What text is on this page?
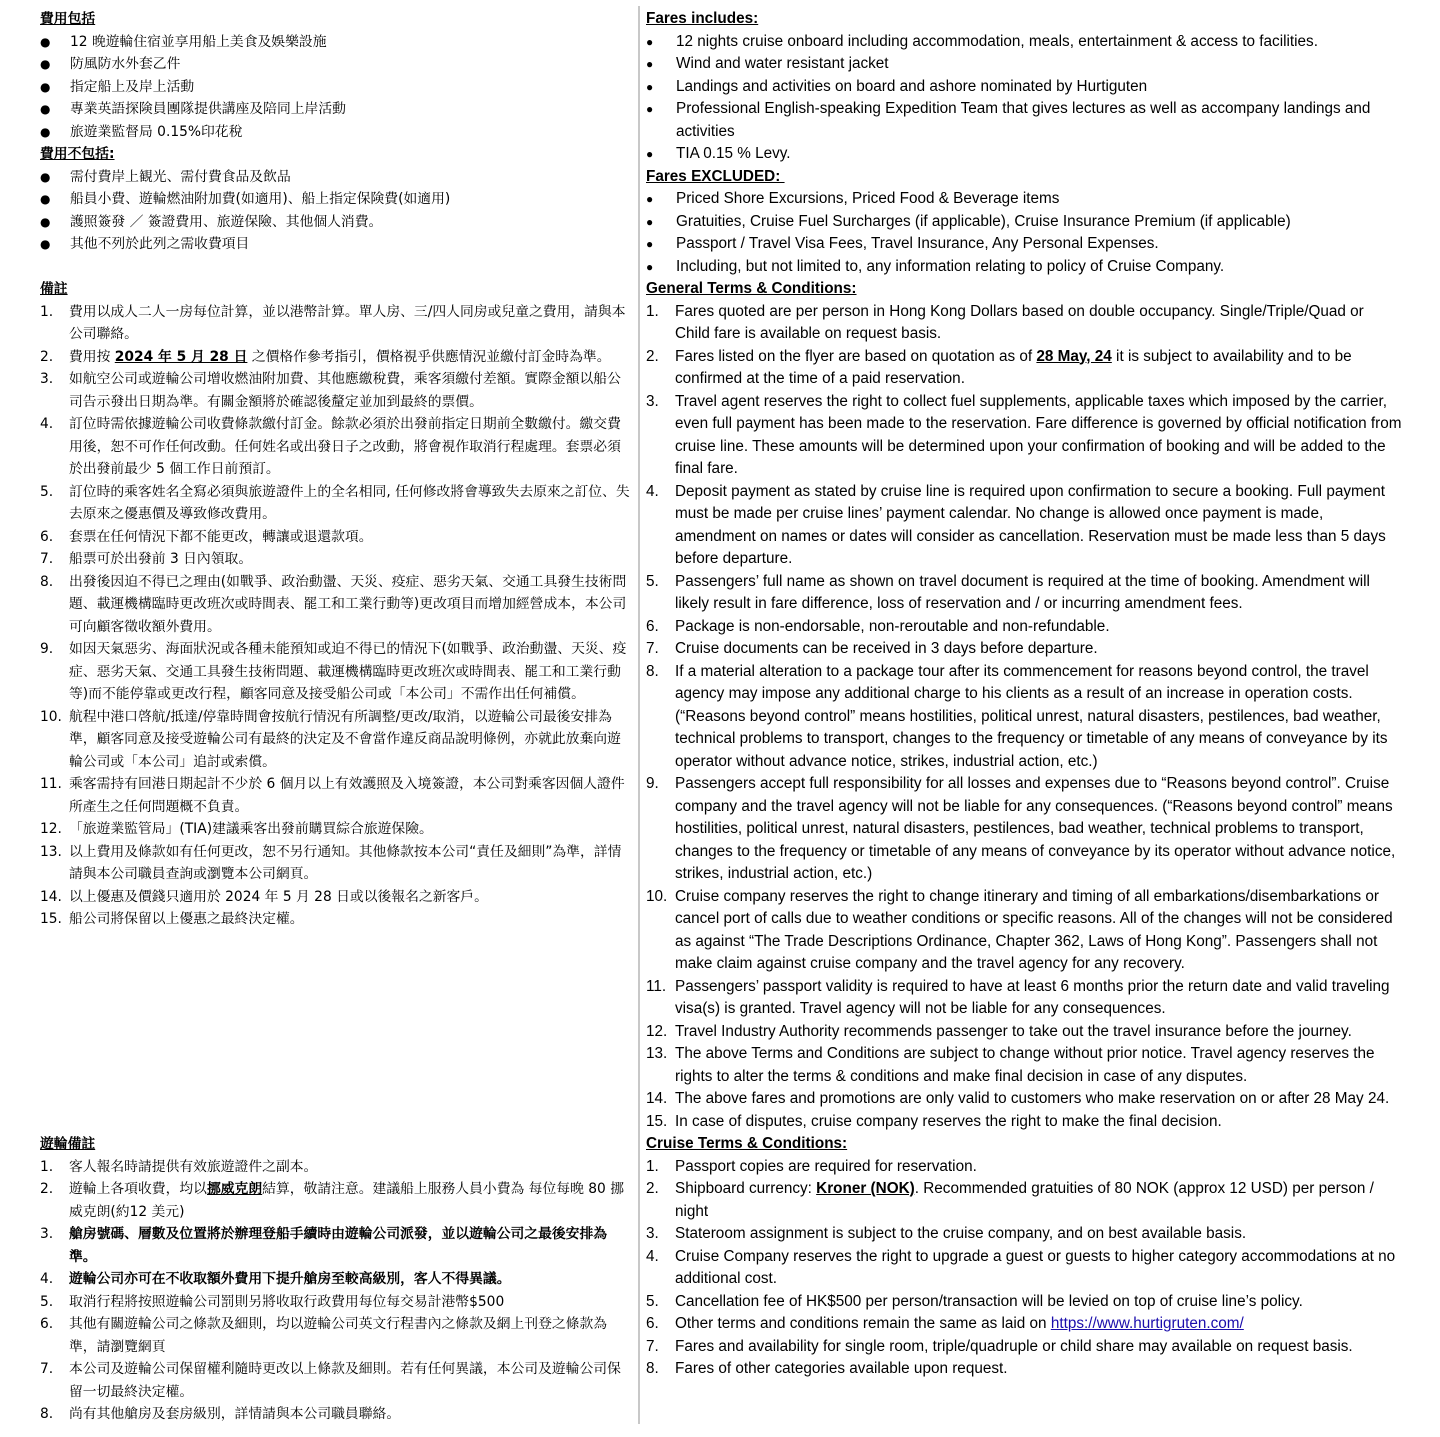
費用包括
● 12 晚遊輪住宿並享用船上美食及娛樂設施
● 防風防水外套乙件
● 指定船上及岸上活動
● 專業英語探険員團隊提供講座及陪同上岸活動
● 旅遊業監督局 0.15%印花稅
費用不包括:
● 需付費岸上観光、需付費食品及飲品
● 船員小費、遊輪燃油附加費(如適用)、船上指定保険費(如適用)
● 護照簽發 ／ 簽證費用、旅遊保險、其他個人消費。
● 其他不列於此列之需收費項目
備註
1.	費用以成人二人一房每位計算，並以港幣計算。單人房、三/四人同房或兒童之費用，請與本公司聯絡。
2.	費用按 2024 年 5 月 28 日 之價格作參考指引，價格視乎供應情況並繳付訂金時為準。
3.	如航空公司或遊輪公司增收燃油附加費、其他應繳稅費，乘客須繳付差額。實際金額以船公司告示發出日期為準。有關金額將於確認後釐定並加到最終的票價。
4.	訂位時需依據遊輪公司收費條款繳付訂金。餘款必須於出發前指定日期前全數繳付。繳交費用後，恕不可作任何改動。任何姓名或出發日子之改動，將會視作取消行程處理。套票必須於出發前最少 5 個工作日前預訂。
5.	訂位時的乘客姓名全寫必須與旅遊證件上的全名相同, 任何修改將會導致失去原來之訂位、失去原來之優惠價及導致修改費用。
6.	套票在任何情況下都不能更改，轉讓或退還款項。
7.	船票可於出發前 3 日內領取。
8.	出發後因迫不得已之理由(如戰爭、政治動盪、天災、疫症、惡劣天氣、交通工具發生技術問題、載運機構臨時更改班次或時間表、罷工和工業行動等)更改項目而增加經營成本，本公司可向顧客徵收額外費用。
9.	如因天氣惡劣、海面狀況或各種未能預知或迫不得已的情況下(如戰爭、政治動盪、天災、疫症、惡劣天氣、交通工具發生技術問題、載運機構臨時更改班次或時間表、罷工和工業行動等)而不能停靠或更改行程，顧客同意及接受船公司或「本公司」不需作出任何補償。
10. 航程中港口啓航/抵達/停靠時間會按航行情況有所調整/更改/取消，以遊輪公司最後安排為準，顧客同意及接受遊輪公司有最終的決定及不會當作違反商品說明條例，亦就此放棄向遊輪公司或「本公司」追討或索償。
11. 乘客需持有回港日期起計不少於 6 個月以上有效護照及入境簽證，本公司對乘客因個人證件所產生之任何問題概不負責。
12. 「旅遊業監管局」(TIA)建議乘客出發前購買綜合旅遊保險。
13. 以上費用及條款如有任何更改，恕不另行通知。其他條款按本公司“責任及細則”為準，詳情請與本公司職員查詢或瀏覽本公司網頁。
14. 以上優惠及價錢只適用於 2024 年 5 月 28 日或以後報名之新客戶。
15. 船公司將保留以上優惠之最終決定權。
遊輪備註
1.	客人報名時請提供有效旅遊證件之副本。
2.	遊輪上各項收費，均以挪威克朗結算，敬請注意。建議船上服務人員小費為 每位每晚 80 挪威克朗(約12 美元)
3.	艙房號碼、層數及位置將於辦理登船手續時由遊輪公司派發，並以遊輪公司之最後安排為準。
4.	遊輪公司亦可在不收取額外費用下提升艙房至較高級別，客人不得異議。
5.	取消行程將按照遊輪公司罰則另將收取行政費用每位每交易計港幣$500
6.	其他有關遊輪公司之條款及細則，均以遊輪公司英文行程書內之條款及網上刊登之條款為準，請瀏覽網頁
7.	本公司及遊輪公司保留權利隨時更改以上條款及細則。若有任何異議，本公司及遊輪公司保留一切最終決定權。
8.	尚有其他艙房及套房級別，詳情請與本公司職員聯絡。
Fares includes:
● 12 nights cruise onboard including accommodation, meals, entertainment & access to facilities.
● Wind and water resistant jacket
● Landings and activities on board and ashore nominated by Hurtiguten
● Professional English-speaking Expedition Team that gives lectures as well as accompany landings and activities
● TIA 0.15 % Levy.
Fares EXCLUDED:
● Priced Shore Excursions, Priced Food & Beverage items
● Gratuities, Cruise Fuel Surcharges (if applicable), Cruise Insurance Premium (if applicable)
● Passport / Travel Visa Fees, Travel Insurance, Any Personal Expenses.
● Including, but not limited to, any information relating to policy of Cruise Company.
General Terms & Conditions:
1.	Fares quoted are per person in Hong Kong Dollars based on double occupancy. Single/Triple/Quad or Child fare is available on request basis.
2.	Fares listed on the flyer are based on quotation as of 28 May, 24 it is subject to availability and to be confirmed at the time of a paid reservation.
3.	Travel agent reserves the right to collect fuel supplements, applicable taxes which imposed by the carrier, even full payment has been made to the reservation. Fare difference is governed by official notification from cruise line. These amounts will be determined upon your confirmation of booking and will be added to the final fare.
4.	Deposit payment as stated by cruise line is required upon confirmation to secure a booking. Full payment must be made per cruise lines’ payment calendar. No change is allowed once payment is made, amendment on names or dates will consider as cancellation. Reservation must be made less than 5 days before departure.
5.	Passengers’ full name as shown on travel document is required at the time of booking. Amendment will likely result in fare difference, loss of reservation and / or incurring amendment fees.
6.	Package is non-endorsable, non-reroutable and non-refundable.
7.	Cruise documents can be received in 3 days before departure.
8.	If a material alteration to a package tour after its commencement for reasons beyond control, the travel agency may impose any additional charge to his clients as a result of an increase in operation costs. (“Reasons beyond control” means hostilities, political unrest, natural disasters, pestilences, bad weather, technical problems to transport, changes to the frequency or timetable of any means of conveyance by its operator without advance notice, strikes, industrial action, etc.)
9.	Passengers accept full responsibility for all losses and expenses due to “Reasons beyond control”. Cruise company and the travel agency will not be liable for any consequences. (“Reasons beyond control” means hostilities, political unrest, natural disasters, pestilences, bad weather, technical problems to transport, changes to the frequency or timetable of any means of conveyance by its operator without advance notice, strikes, industrial action, etc.)
10. Cruise company reserves the right to change itinerary and timing of all embarkations/disembarkations or cancel port of calls due to weather conditions or specific reasons. All of the changes will not be considered as against “The Trade Descriptions Ordinance, Chapter 362, Laws of Hong Kong”. Passengers shall not make claim against cruise company and the travel agency for any recovery.
11. Passengers’ passport validity is required to have at least 6 months prior the return date and valid traveling visa(s) is granted. Travel agency will not be liable for any consequences.
12. Travel Industry Authority recommends passenger to take out the travel insurance before the journey.
13. The above Terms and Conditions are subject to change without prior notice. Travel agency reserves the rights to alter the terms & conditions and make final decision in case of any disputes.
14. The above fares and promotions are only valid to customers who make reservation on or after 28 May 24.
15. In case of disputes, cruise company reserves the right to make the final decision.
Cruise Terms & Conditions:
1.	Passport copies are required for reservation.
2.	Shipboard currency: Kroner (NOK). Recommended gratuities of 80 NOK (approx 12 USD) per person / night
3.	Stateroom assignment is subject to the cruise company, and on best available basis.
4.	Cruise Company reserves the right to upgrade a guest or guests to higher category accommodations at no additional cost.
5.	Cancellation fee of HK$500 per person/transaction will be levied on top of cruise line’s policy.
6.	Other terms and conditions remain the same as laid on https://www.hurtigruten.com/
7.	Fares and availability for single room, triple/quadruple or child share may available on request basis.
8.	Fares of other categories available upon request.
